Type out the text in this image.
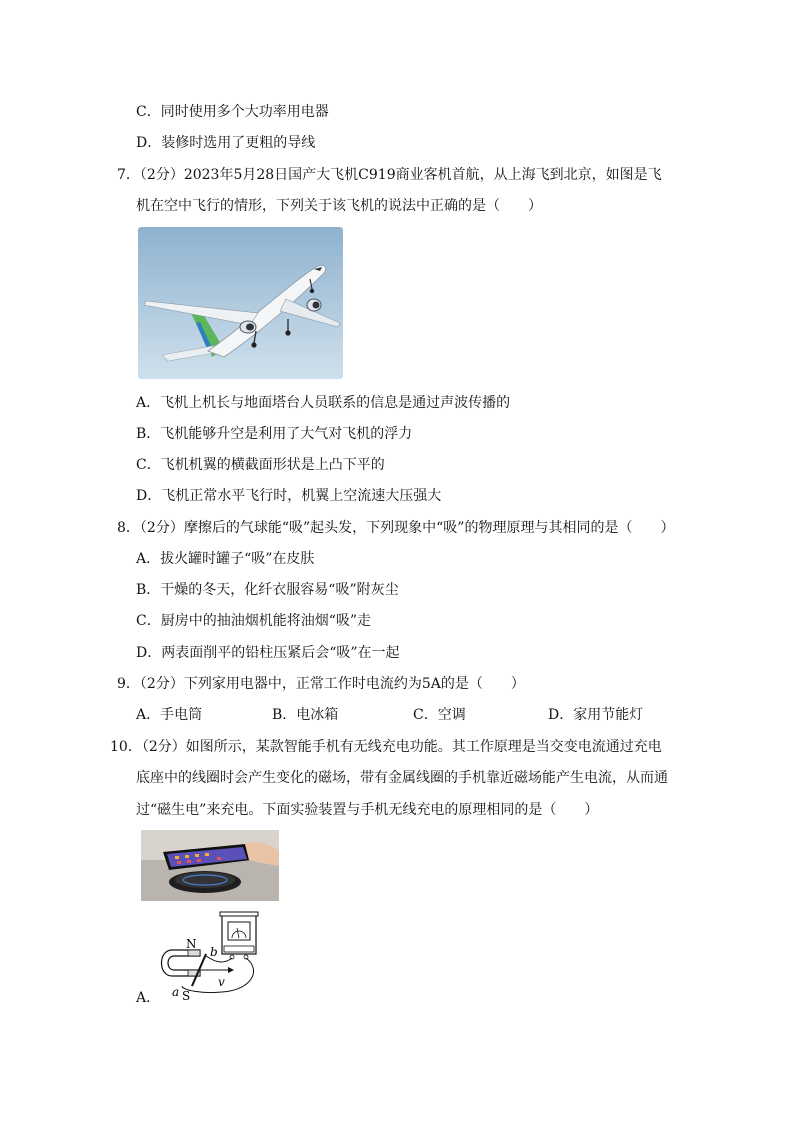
C．同时使用多个大功率用电器
D．装修时选用了更粗的导线
7．（2分）2023年5月28日国产大飞机C919商业客机首航，从上海飞到北京，如图是飞
机在空中飞行的情形，下列关于该飞机的说法中正确的是（　　）
A．飞机上机长与地面塔台人员联系的信息是通过声波传播的
B．飞机能够升空是利用了大气对飞机的浮力
C．飞机机翼的横截面形状是上凸下平的
D．飞机正常水平飞行时，机翼上空流速大压强大
8．（2分）摩擦后的气球能“吸”起头发，下列现象中“吸”的物理原理与其相同的是（　　）
A．拔火罐时罐子“吸”在皮肤
B．干燥的冬天，化纤衣服容易“吸”附灰尘
C．厨房中的抽油烟机能将油烟“吸”走
D．两表面削平的铅柱压紧后会“吸”在一起
9．（2分）下列家用电器中，正常工作时电流约为5A的是（　　）
A．手电筒	B．电冰箱	C．空调	D．家用节能灯
10．（2分）如图所示，某款智能手机有无线充电功能。其工作原理是当交变电流通过充电
底座中的线圈时会产生变化的磁场，带有金属线圈的手机靠近磁场能产生电流，从而通
过“磁生电”来充电。下面实验装置与手机无线充电的原理相同的是（　　）
N
S
a
b
v
A．
